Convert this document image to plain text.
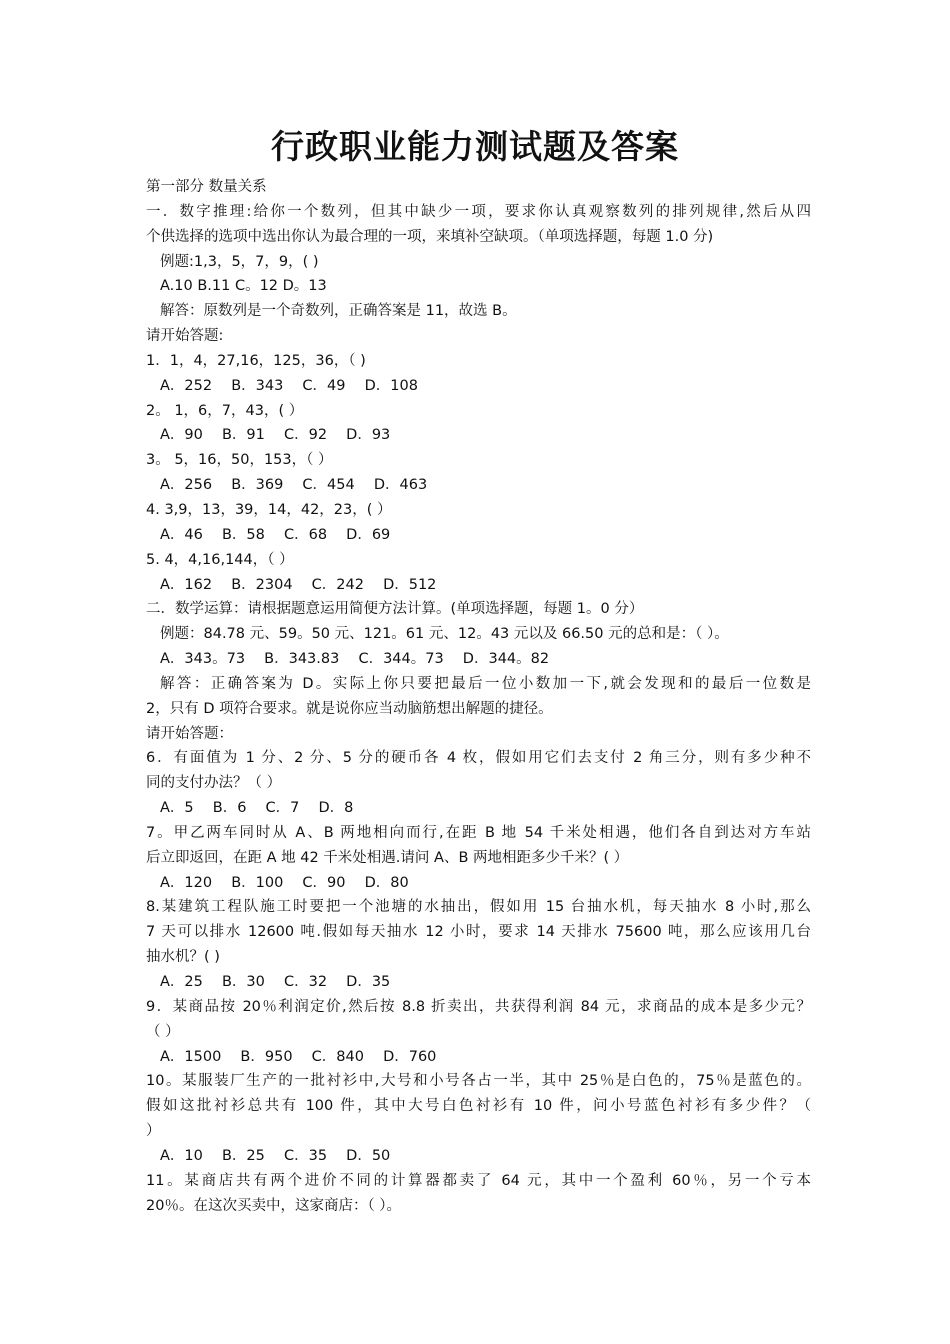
行政职业能力测试题及答案
第一部分 数量关系
一．数字推理:给你一个数列，但其中缺少一项，要求你认真观察数列的排列规律,然后从四
个供选择的选项中选出你认为最合理的一项，来填补空缺项。（单项选择题，每题 1.0 分)
例题:1,3，5，7，9，( )
A.10 B.11 C。12 D。13
解答：原数列是一个奇数列，正确答案是 11，故选 B。
请开始答题:
1．1，4，27,16，125，36，（ )
A．252　 B．343　 C．49　 D．108
2。 1，6，7，43，( ）
A．90　 B．91　 C．92　 D．93
3。 5，16，50，153，（ ）
A．256　 B．369　 C．454　 D．463
4. 3,9，13，39，14，42，23，( ）
A．46　 B．58　 C．68　 D．69
5. 4，4,16,144，（ ）
A．162　 B．2304　 C．242　 D．512
二．数学运算：请根据题意运用简便方法计算。(单项选择题，每题 1。0 分）
例题：84.78 元、59。50 元、121。61 元、12。43 元以及 66.50 元的总和是：（ ）。
A．343。73　 B．343.83　 C．344。73　 D．344。82
解答：正确答案为 D。实际上你只要把最后一位小数加一下,就会发现和的最后一位数是
2，只有 D 项符合要求。就是说你应当动脑筋想出解题的捷径。
请开始答题：
6．有面值为 1 分、2 分、5 分的硬币各 4 枚，假如用它们去支付 2 角三分，则有多少种不
同的支付办法？（ ）
A．5　 B．6　 C．7　 D．8
7。甲乙两车同时从 A、B 两地相向而行,在距 B 地 54 千米处相遇，他们各自到达对方车站
后立即返回，在距 A 地 42 千米处相遇.请问 A、B 两地相距多少千米？( ）
A．120　 B．100　 C．90　 D．80
8.某建筑工程队施工时要把一个池塘的水抽出，假如用 15 台抽水机，每天抽水 8 小时,那么
7 天可以排水 12600 吨.假如每天抽水 12 小时，要求 14 天排水 75600 吨，那么应该用几台
抽水机？( )
A．25　 B．30　 C．32　 D．35
9．某商品按 20％利润定价,然后按 8.8 折卖出，共获得利润 84 元，求商品的成本是多少元？
（ ）
A．1500　 B．950　 C．840　 D．760
10。某服装厂生产的一批衬衫中,大号和小号各占一半，其中 25％是白色的，75％是蓝色的。
假如这批衬衫总共有 100 件，其中大号白色衬衫有 10 件，问小号蓝色衬衫有多少件？（
）
A．10　 B．25　 C．35　 D．50
11。某商店共有两个进价不同的计算器都卖了 64 元，其中一个盈利 60％，另一个亏本
20％。在这次买卖中，这家商店：（ ）。
